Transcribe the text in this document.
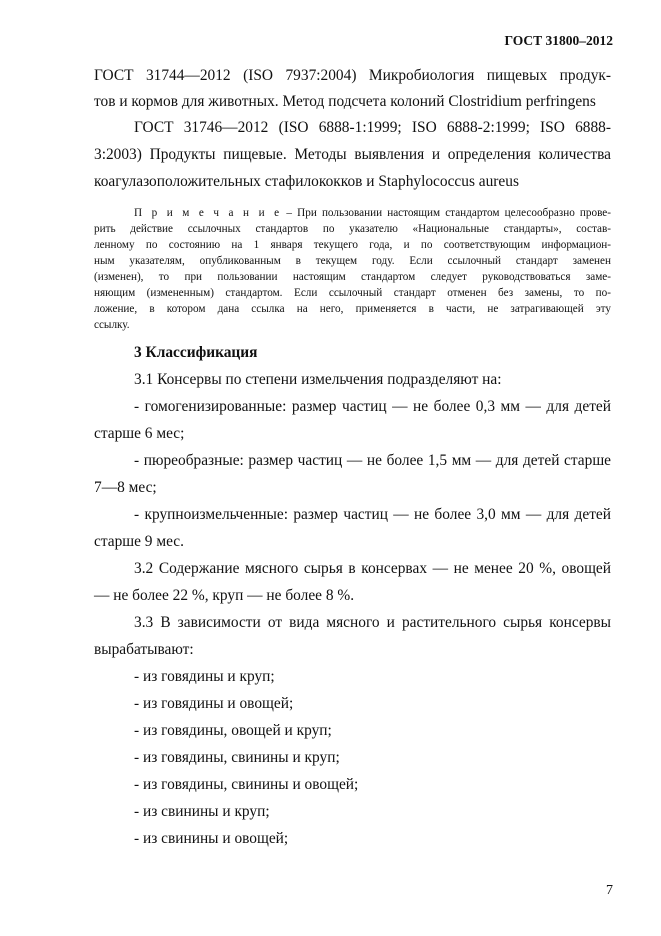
ГОСТ 31800–2012

ГОСТ 31744—2012 (ISO 7937:2004) Микробиология пищевых продук-

тов и кормов для животных. Метод подсчета колоний Clostridium perfringens

ГОСТ 31746—2012 (ISO 6888-1:1999; ISO 6888-2:1999; ISO 6888-

3:2003) Продукты пищевые. Методы выявления и определения количества

коагулазоположительных стафилококков и Staphylococcus aureus

П р и м е ч а н и е – При пользовании настоящим стандартом целесообразно прове-
рить действие ссылочных стандартов по указателю «Национальные стандарты», состав-
ленному по состоянию на 1 января текущего года, и по соответствующим информацион-
ным указателям, опубликованным в текущем году. Если ссылочный стандарт заменен
(изменен), то при пользовании настоящим стандартом следует руководствоваться заме-
няющим (измененным) стандартом. Если ссылочный стандарт отменен без замены, то по-
ложение, в котором дана ссылка на него, применяется в части, не затрагивающей эту
ссылку.

3 Классификация

3.1 Консервы по степени измельчения подразделяют на:

- гомогенизированные: размер частиц — не более 0,3 мм — для детей

старше 6 мес;

- пюреобразные: размер частиц — не более 1,5 мм — для детей старше

7—8 мес;

- крупноизмельченные: размер частиц — не более 3,0 мм — для детей

старше 9 мес.

3.2 Содержание мясного сырья в консервах — не менее 20 %, овощей

— не более 22 %, круп — не более 8 %.

3.3 В зависимости от вида мясного и растительного сырья консервы

вырабатывают:

- из говядины и круп;

- из говядины и овощей;

- из говядины, овощей и круп;

- из говядины, свинины и круп;

- из говядины, свинины и овощей;

- из свинины и круп;

- из свинины и овощей;

7
